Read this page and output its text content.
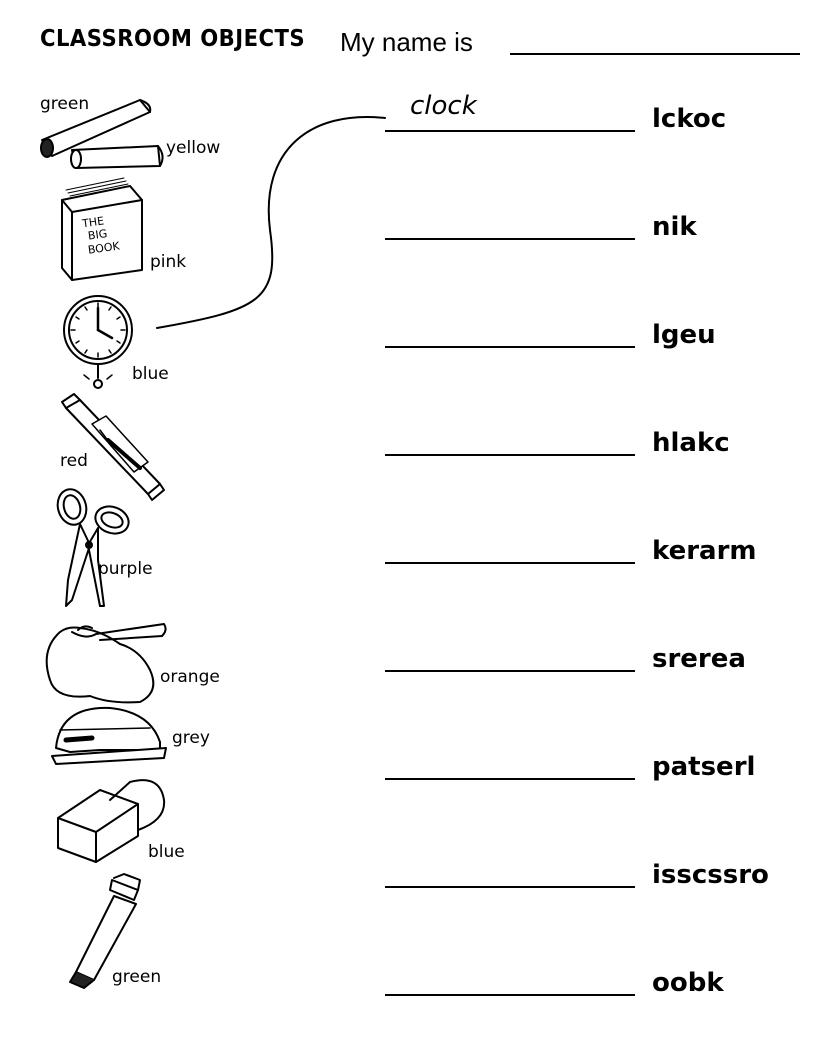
CLASSROOM OBJECTS My name is
THE
BIG
BOOK
green
yellow
pink
blue
red
purple
orange
grey
blue
green
clock	lckoc
nik
lgeu
hlakc
kerarm
srerea
patserl
isscssro
oobk
